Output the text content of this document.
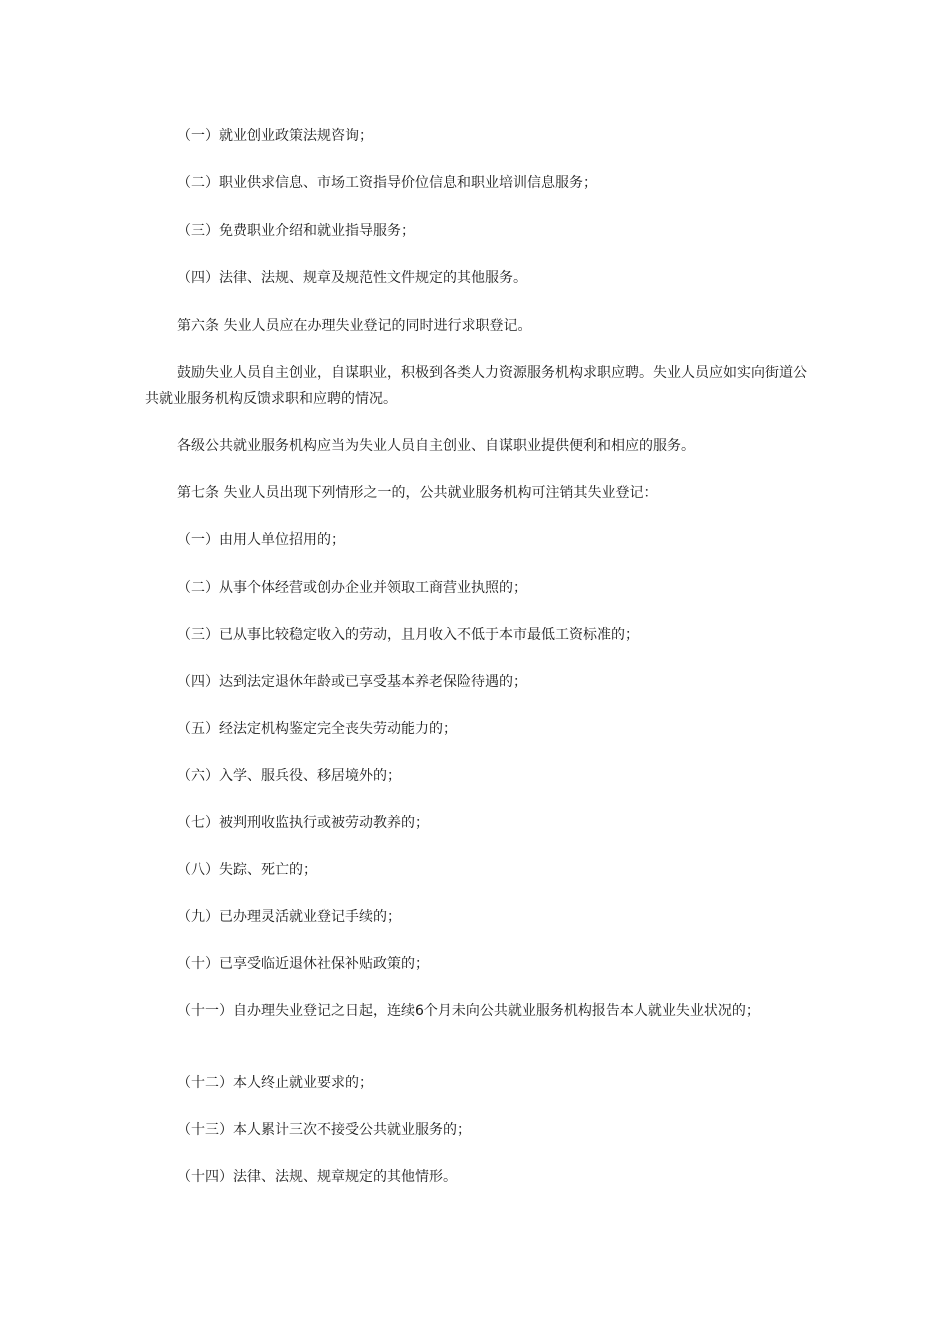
（一）就业创业政策法规咨询；

（二）职业供求信息、市场工资指导价位信息和职业培训信息服务；

（三）免费职业介绍和就业指导服务；

（四）法律、法规、规章及规范性文件规定的其他服务。

第六条 失业人员应在办理失业登记的同时进行求职登记。

鼓励失业人员自主创业，自谋职业，积极到各类人力资源服务机构求职应聘。失业人员应如实向街道公共就业服务机构反馈求职和应聘的情况。

各级公共就业服务机构应当为失业人员自主创业、自谋职业提供便利和相应的服务。

第七条 失业人员出现下列情形之一的，公共就业服务机构可注销其失业登记：

（一）由用人单位招用的；

（二）从事个体经营或创办企业并领取工商营业执照的；

（三）已从事比较稳定收入的劳动，且月收入不低于本市最低工资标准的；

（四）达到法定退休年龄或已享受基本养老保险待遇的；

（五）经法定机构鉴定完全丧失劳动能力的；

（六）入学、服兵役、移居境外的；

（七）被判刑收监执行或被劳动教养的；

（八）失踪、死亡的；

（九）已办理灵活就业登记手续的；

（十）已享受临近退休社保补贴政策的；

（十一）自办理失业登记之日起，连续6个月未向公共就业服务机构报告本人就业失业状况的；

（十二）本人终止就业要求的；

（十三）本人累计三次不接受公共就业服务的；

（十四）法律、法规、规章规定的其他情形。
